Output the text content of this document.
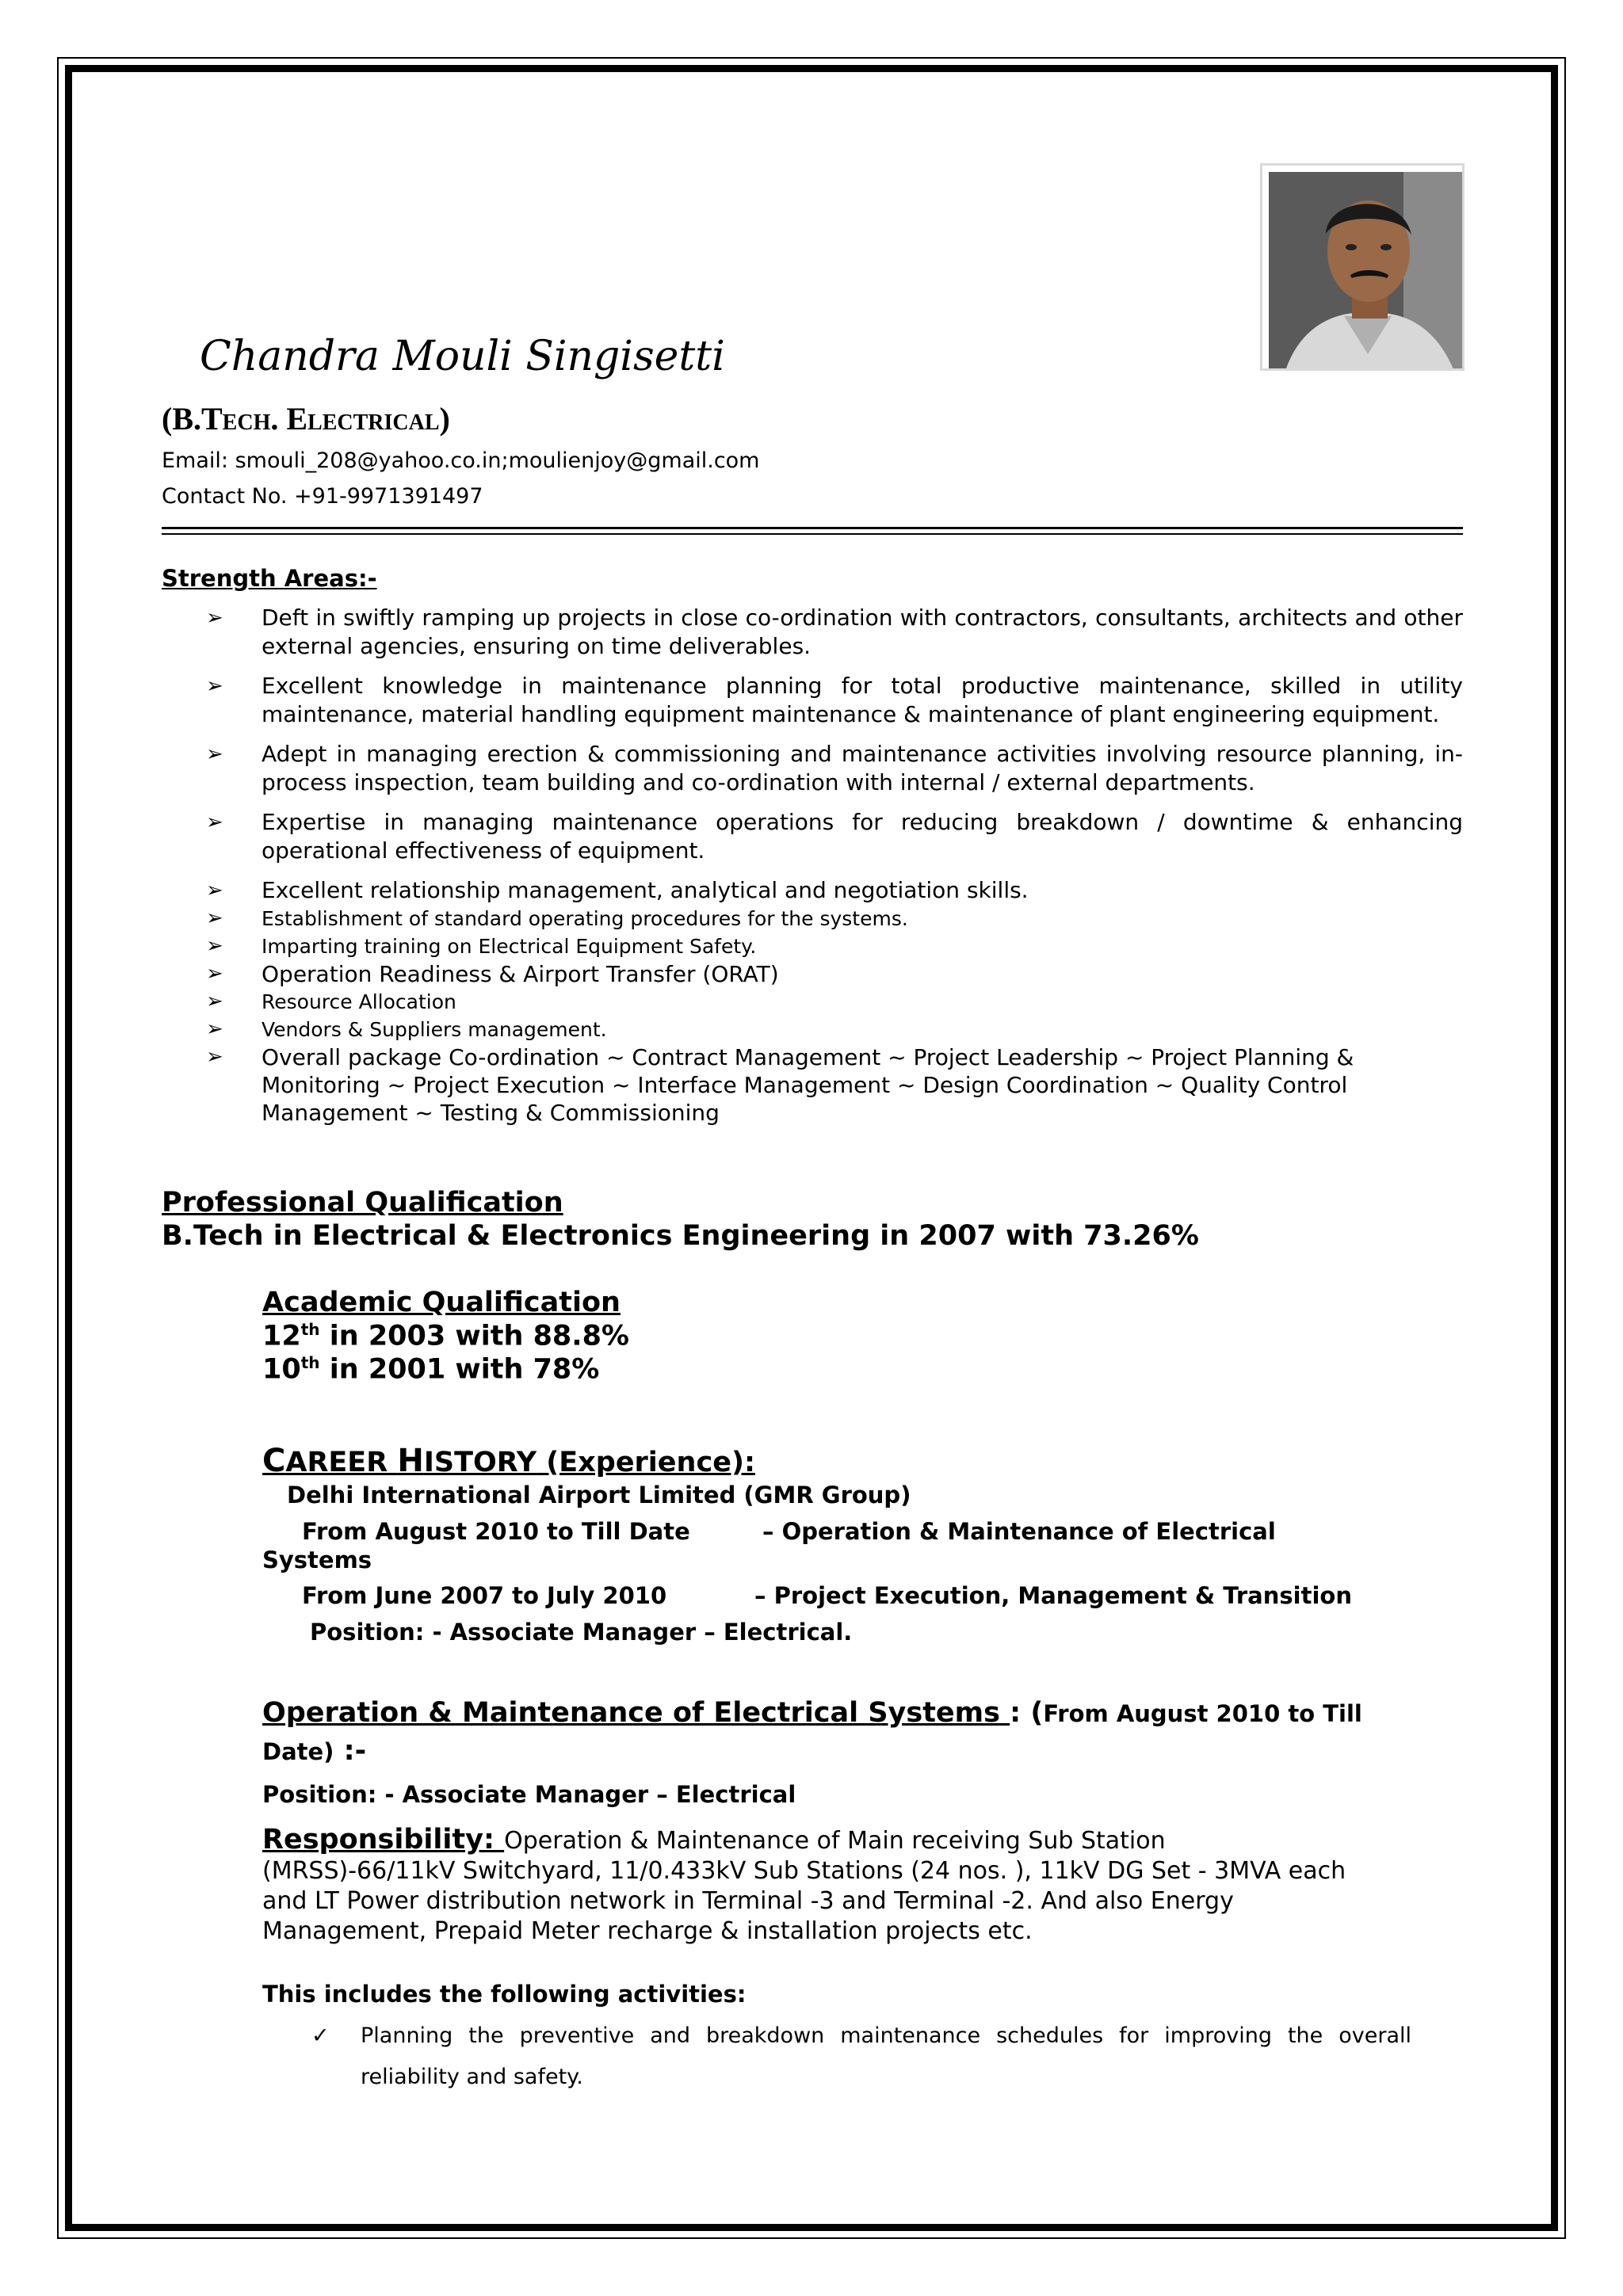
Chandra Mouli Singisetti
(B.Tech. Electrical)
Email: smouli_208@yahoo.co.in;moulienjoy@gmail.com
Contact No. +91-9971391497
Strength Areas:-
➢ Deft in swiftly ramping up projects in close co-ordination with contractors, consultants, architects and other external agencies, ensuring on time deliverables.
➢ Excellent knowledge in maintenance planning for total productive maintenance, skilled in utility maintenance, material handling equipment maintenance & maintenance of plant engineering equipment.
➢ Adept in managing erection & commissioning and maintenance activities involving resource planning, in-process inspection, team building and co-ordination with internal / external departments.
➢ Expertise in managing maintenance operations for reducing breakdown / downtime & enhancing operational effectiveness of equipment.
➢ Excellent relationship management, analytical and negotiation skills.
➢ Establishment of standard operating procedures for the systems.
➢ Imparting training on Electrical Equipment Safety.
➢ Operation Readiness & Airport Transfer (ORAT)
➢ Resource Allocation
➢ Vendors & Suppliers management.
➢ Overall package Co-ordination ~ Contract Management ~ Project Leadership ~ Project Planning & Monitoring ~ Project Execution ~ Interface Management ~ Design Coordination ~ Quality Control Management ~ Testing & Commissioning
Professional Qualification
B.Tech in Electrical & Electronics Engineering in 2007 with 73.26%
Academic Qualification
12th in 2003 with 88.8%
10th in 2001 with 78%
CAREER HISTORY (Experience):
Delhi International Airport Limited (GMR Group)
From August 2010 to Till Date	– Operation & Maintenance of Electrical
Systems
From June 2007 to July 2010	– Project Execution, Management & Transition
Position: - Associate Manager – Electrical.
Operation & Maintenance of Electrical Systems : (From August 2010 to Till
Date) :-
Position: - Associate Manager – Electrical
Responsibility: Operation & Maintenance of Main receiving Sub Station (MRSS)-66/11kV Switchyard, 11/0.433kV Sub Stations (24 nos. ), 11kV DG Set - 3MVA each and LT Power distribution network in Terminal -3 and Terminal -2. And also Energy Management, Prepaid Meter recharge & installation projects etc.
This includes the following activities:
✓ Planning the preventive and breakdown maintenance schedules for improving the overall reliability and safety.
